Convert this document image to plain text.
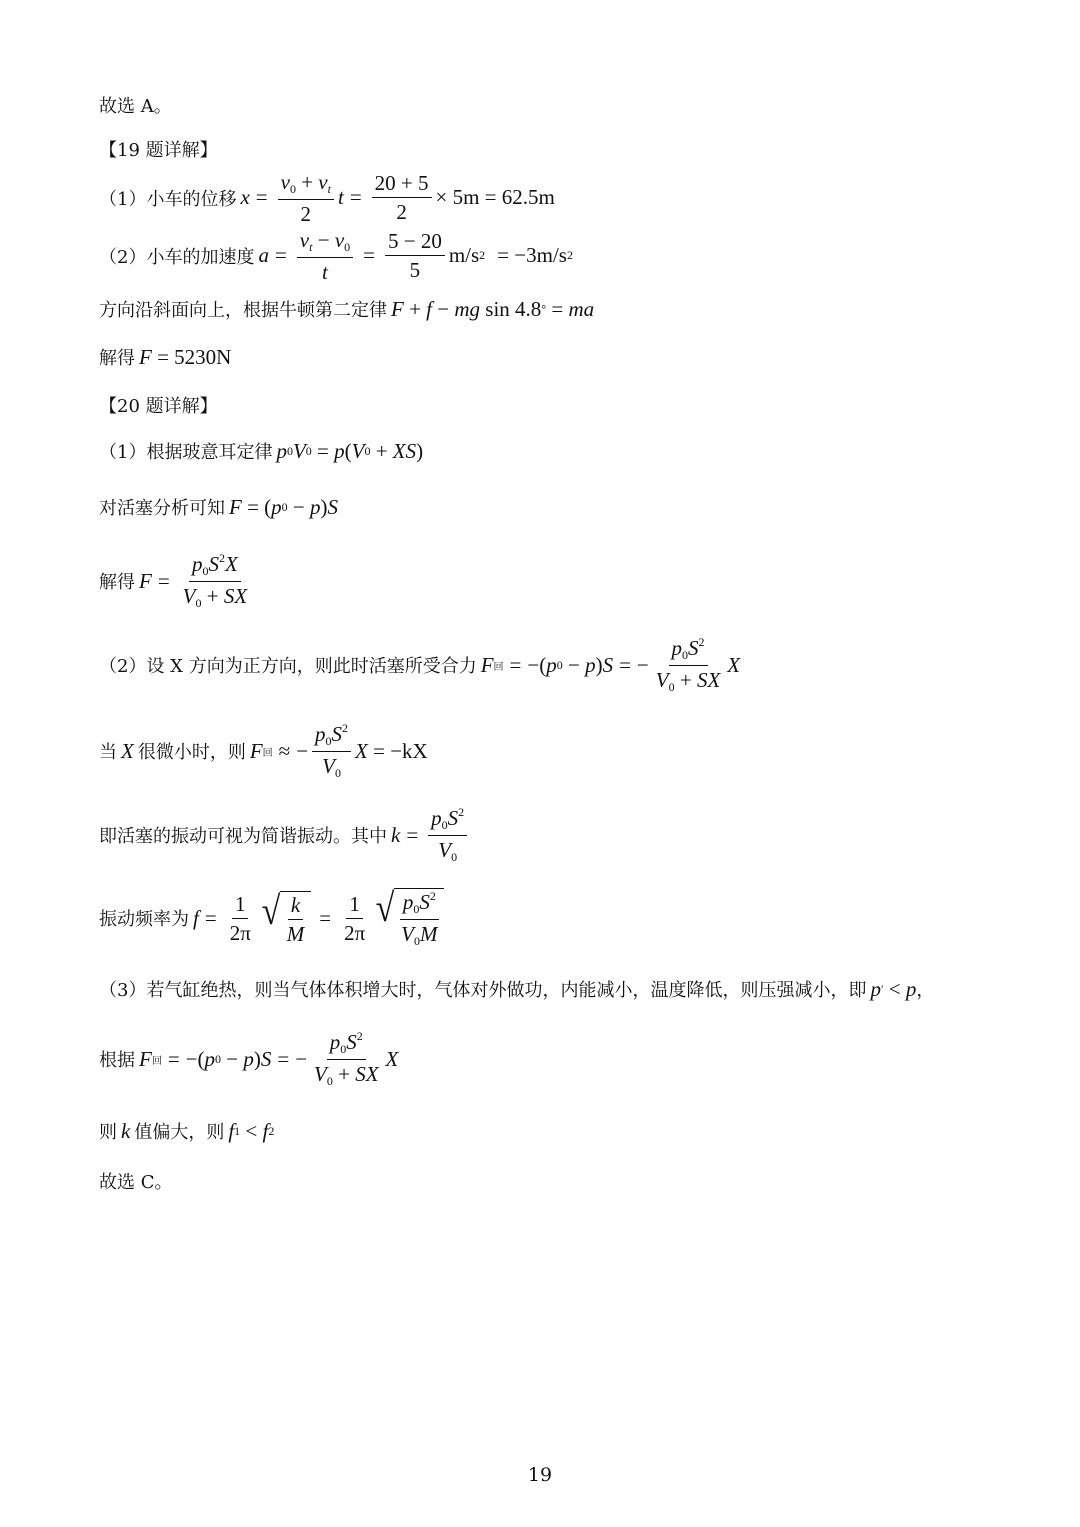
故选 A。
【19 题详解】
（1）小车的位移 $x = \frac{v_0 + v_t}{2}$ $t = \frac{20 + 5}{2} \times 5m = 62.5m$
（2）小车的加速度 $a = \frac{v_t - v_0}{t} = \frac{5 - 20}{5} m/s$ 2 = −3m/s 2
方向沿斜面向上，根据牛顿第二定律 F + f − mg
sin 4.8 ° = ma
解得 F
= 5230N
【20 题详解】
（1）根据玻意耳定律 p 0 V 0 = p ( V 0 + XS )
对活塞分析可知 F = ( p 0 − p ) S
解得 $F = \frac{p_0S^2X}{V_0 + SX}$
（2）设 X 方向为正方向，则此时活塞所受合力 F 回 = −( p 0 − p ) S = − $\frac{p_0S^2}{V_0 + SX}$ X
当 X 很微小时，则 F 回 ≈ − $\frac{p_0S^2}{V_0}$ X
= −kX
即活塞的振动可视为简谐振动。其中 $k = \frac{p_0S^2}{V_0}$
振动频率为 $f = \frac{1}{2\pi}$ √ $\frac{k}{M} = \frac{1}{2\pi}$ √ $\frac{p_0S^2}{V_0M}$
（3）若气缸绝热，则当气体体积增大时，气体对外做功，内能减小，温度降低，则压强减小，即 p ′ < p ，
根据 F 回 = −( p 0 − p ) S = − $\frac{p_0S^2}{V_0 + SX}$ X
则 k 值偏大，则 f 1 < f 2
故选 C。
19
